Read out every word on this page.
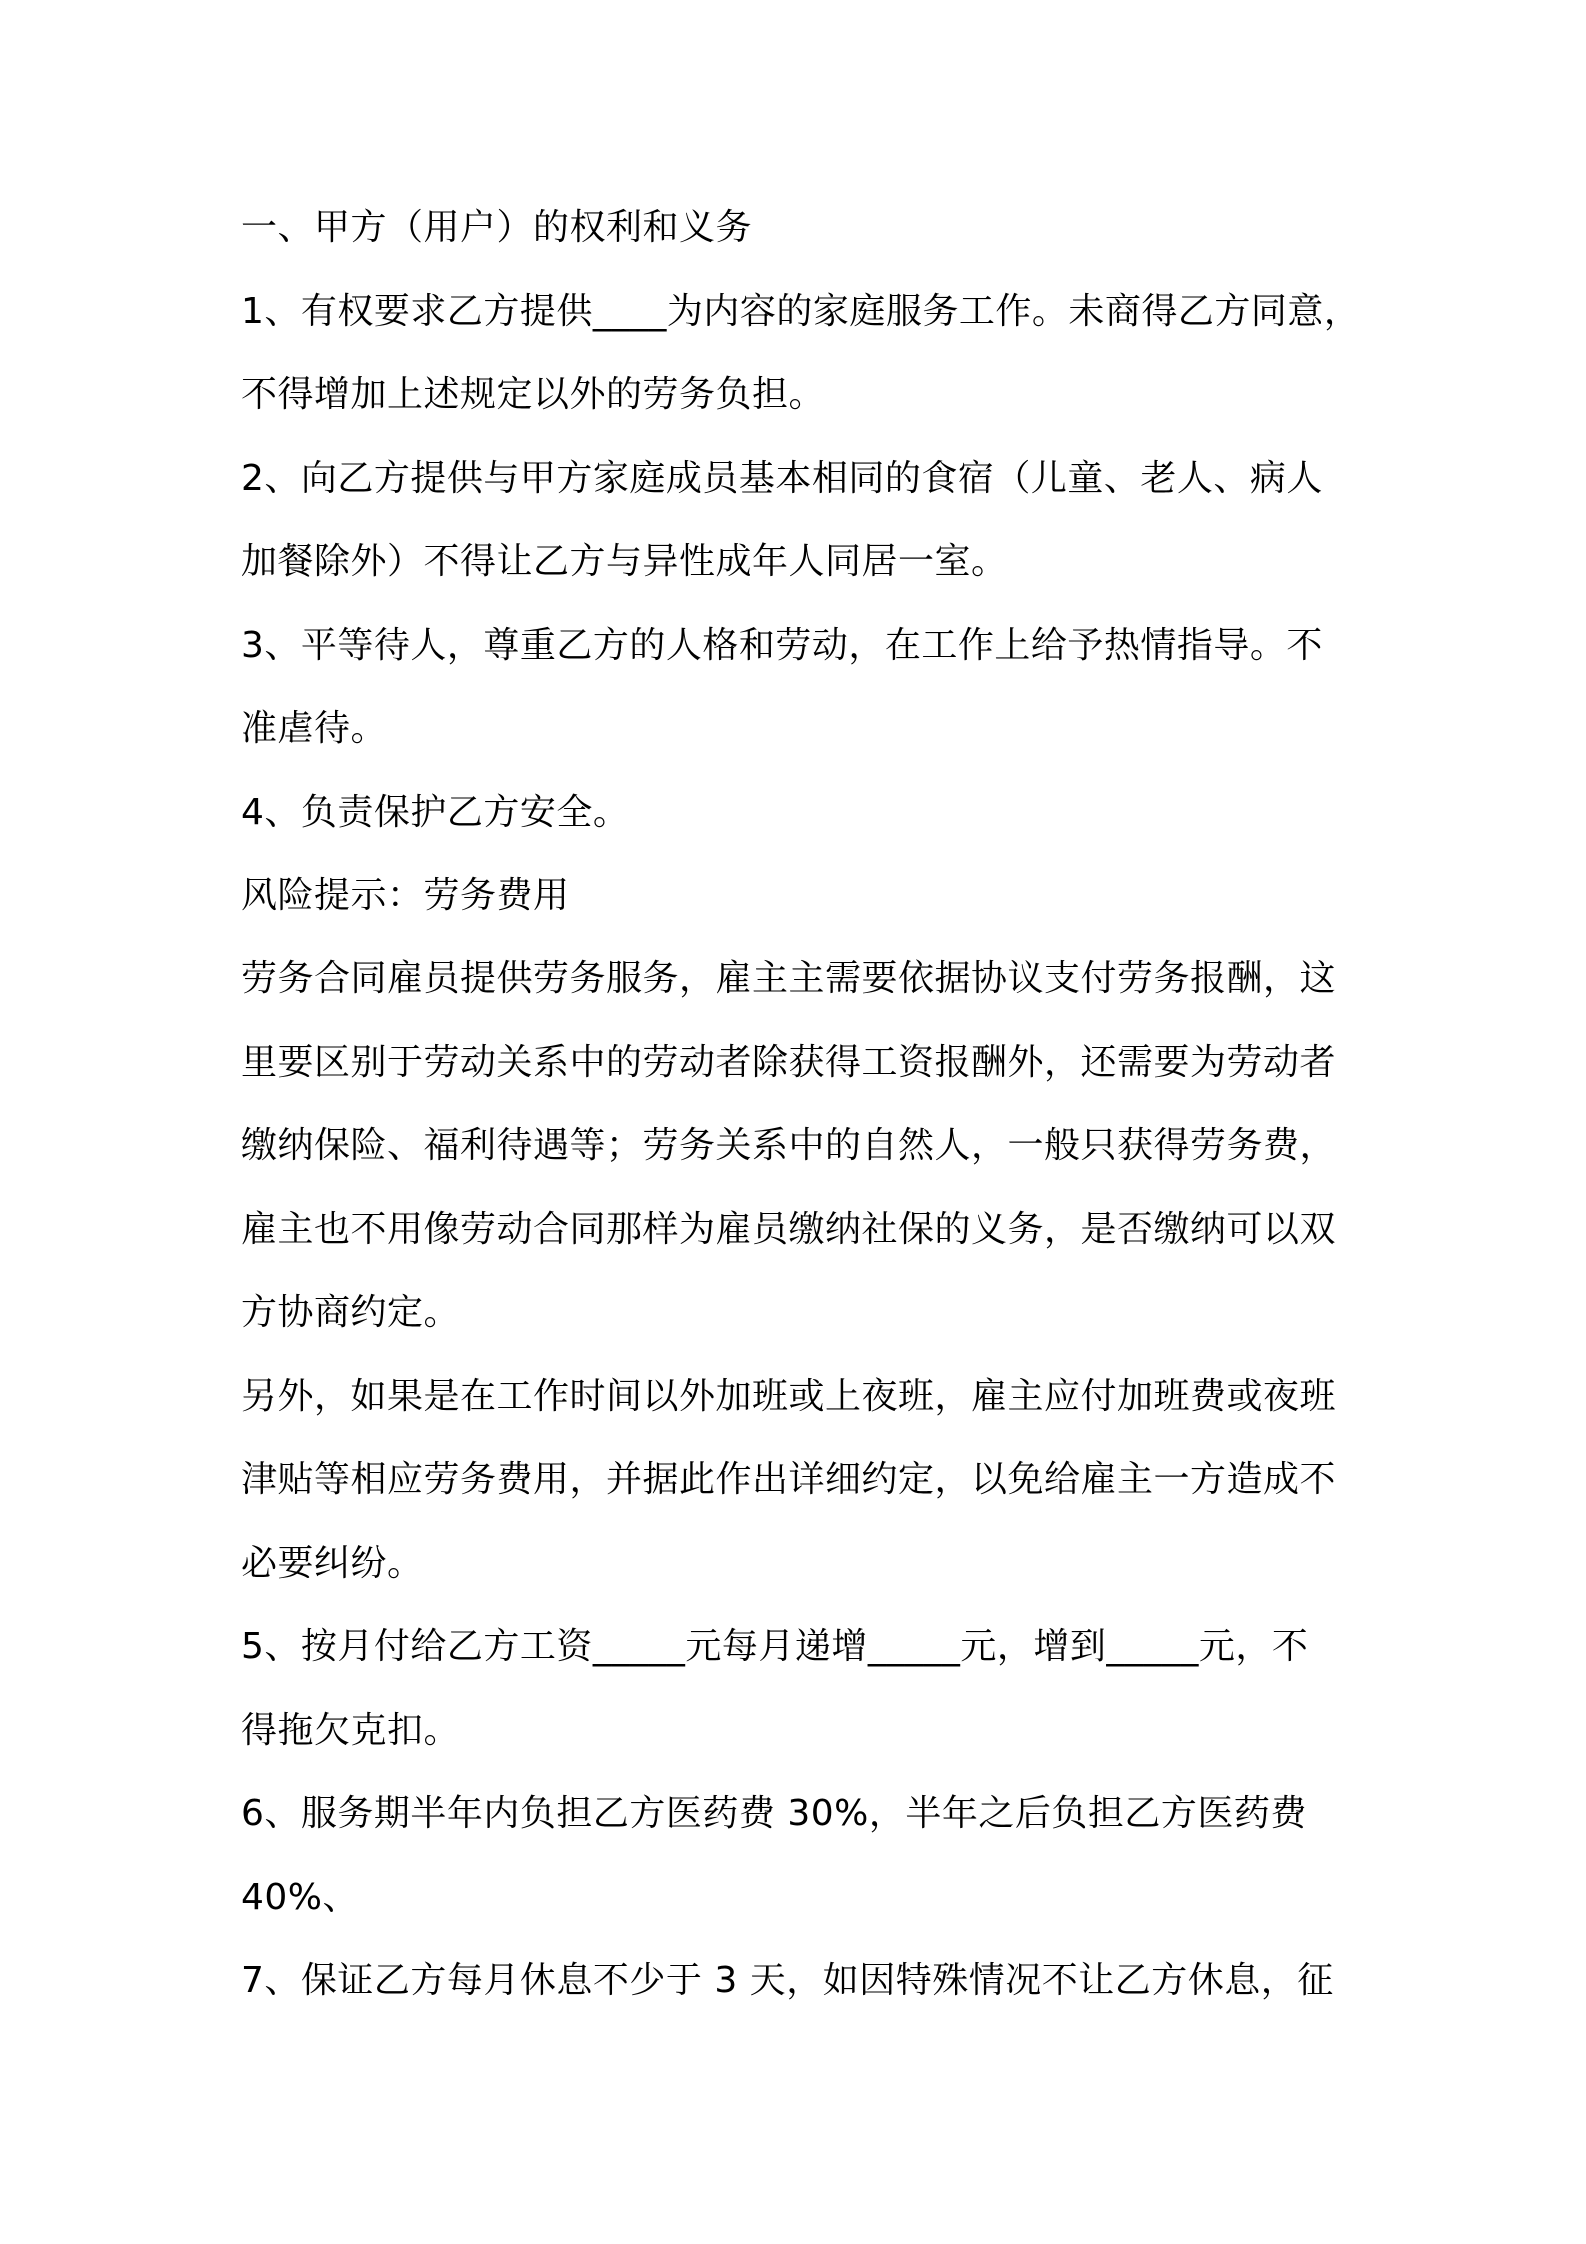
一、甲方（用户）的权利和义务

1、有权要求乙方提供____为内容的家庭服务工作。未商得乙方同意，

不得增加上述规定以外的劳务负担。

2、向乙方提供与甲方家庭成员基本相同的食宿（儿童、老人、病人

加餐除外）不得让乙方与异性成年人同居一室。

3、平等待人，尊重乙方的人格和劳动，在工作上给予热情指导。不

准虐待。

4、负责保护乙方安全。

风险提示：劳务费用

劳务合同雇员提供劳务服务，雇主主需要依据协议支付劳务报酬，这

里要区别于劳动关系中的劳动者除获得工资报酬外，还需要为劳动者

缴纳保险、福利待遇等；劳务关系中的自然人，一般只获得劳务费，

雇主也不用像劳动合同那样为雇员缴纳社保的义务，是否缴纳可以双

方协商约定。

另外，如果是在工作时间以外加班或上夜班，雇主应付加班费或夜班

津贴等相应劳务费用，并据此作出详细约定，以免给雇主一方造成不

必要纠纷。

5、按月付给乙方工资_____元每月递增_____元，增到_____元，不

得拖欠克扣。

6、服务期半年内负担乙方医药费 30%，半年之后负担乙方医药费

40%、

7、保证乙方每月休息不少于 3 天，如因特殊情况不让乙方休息，征
